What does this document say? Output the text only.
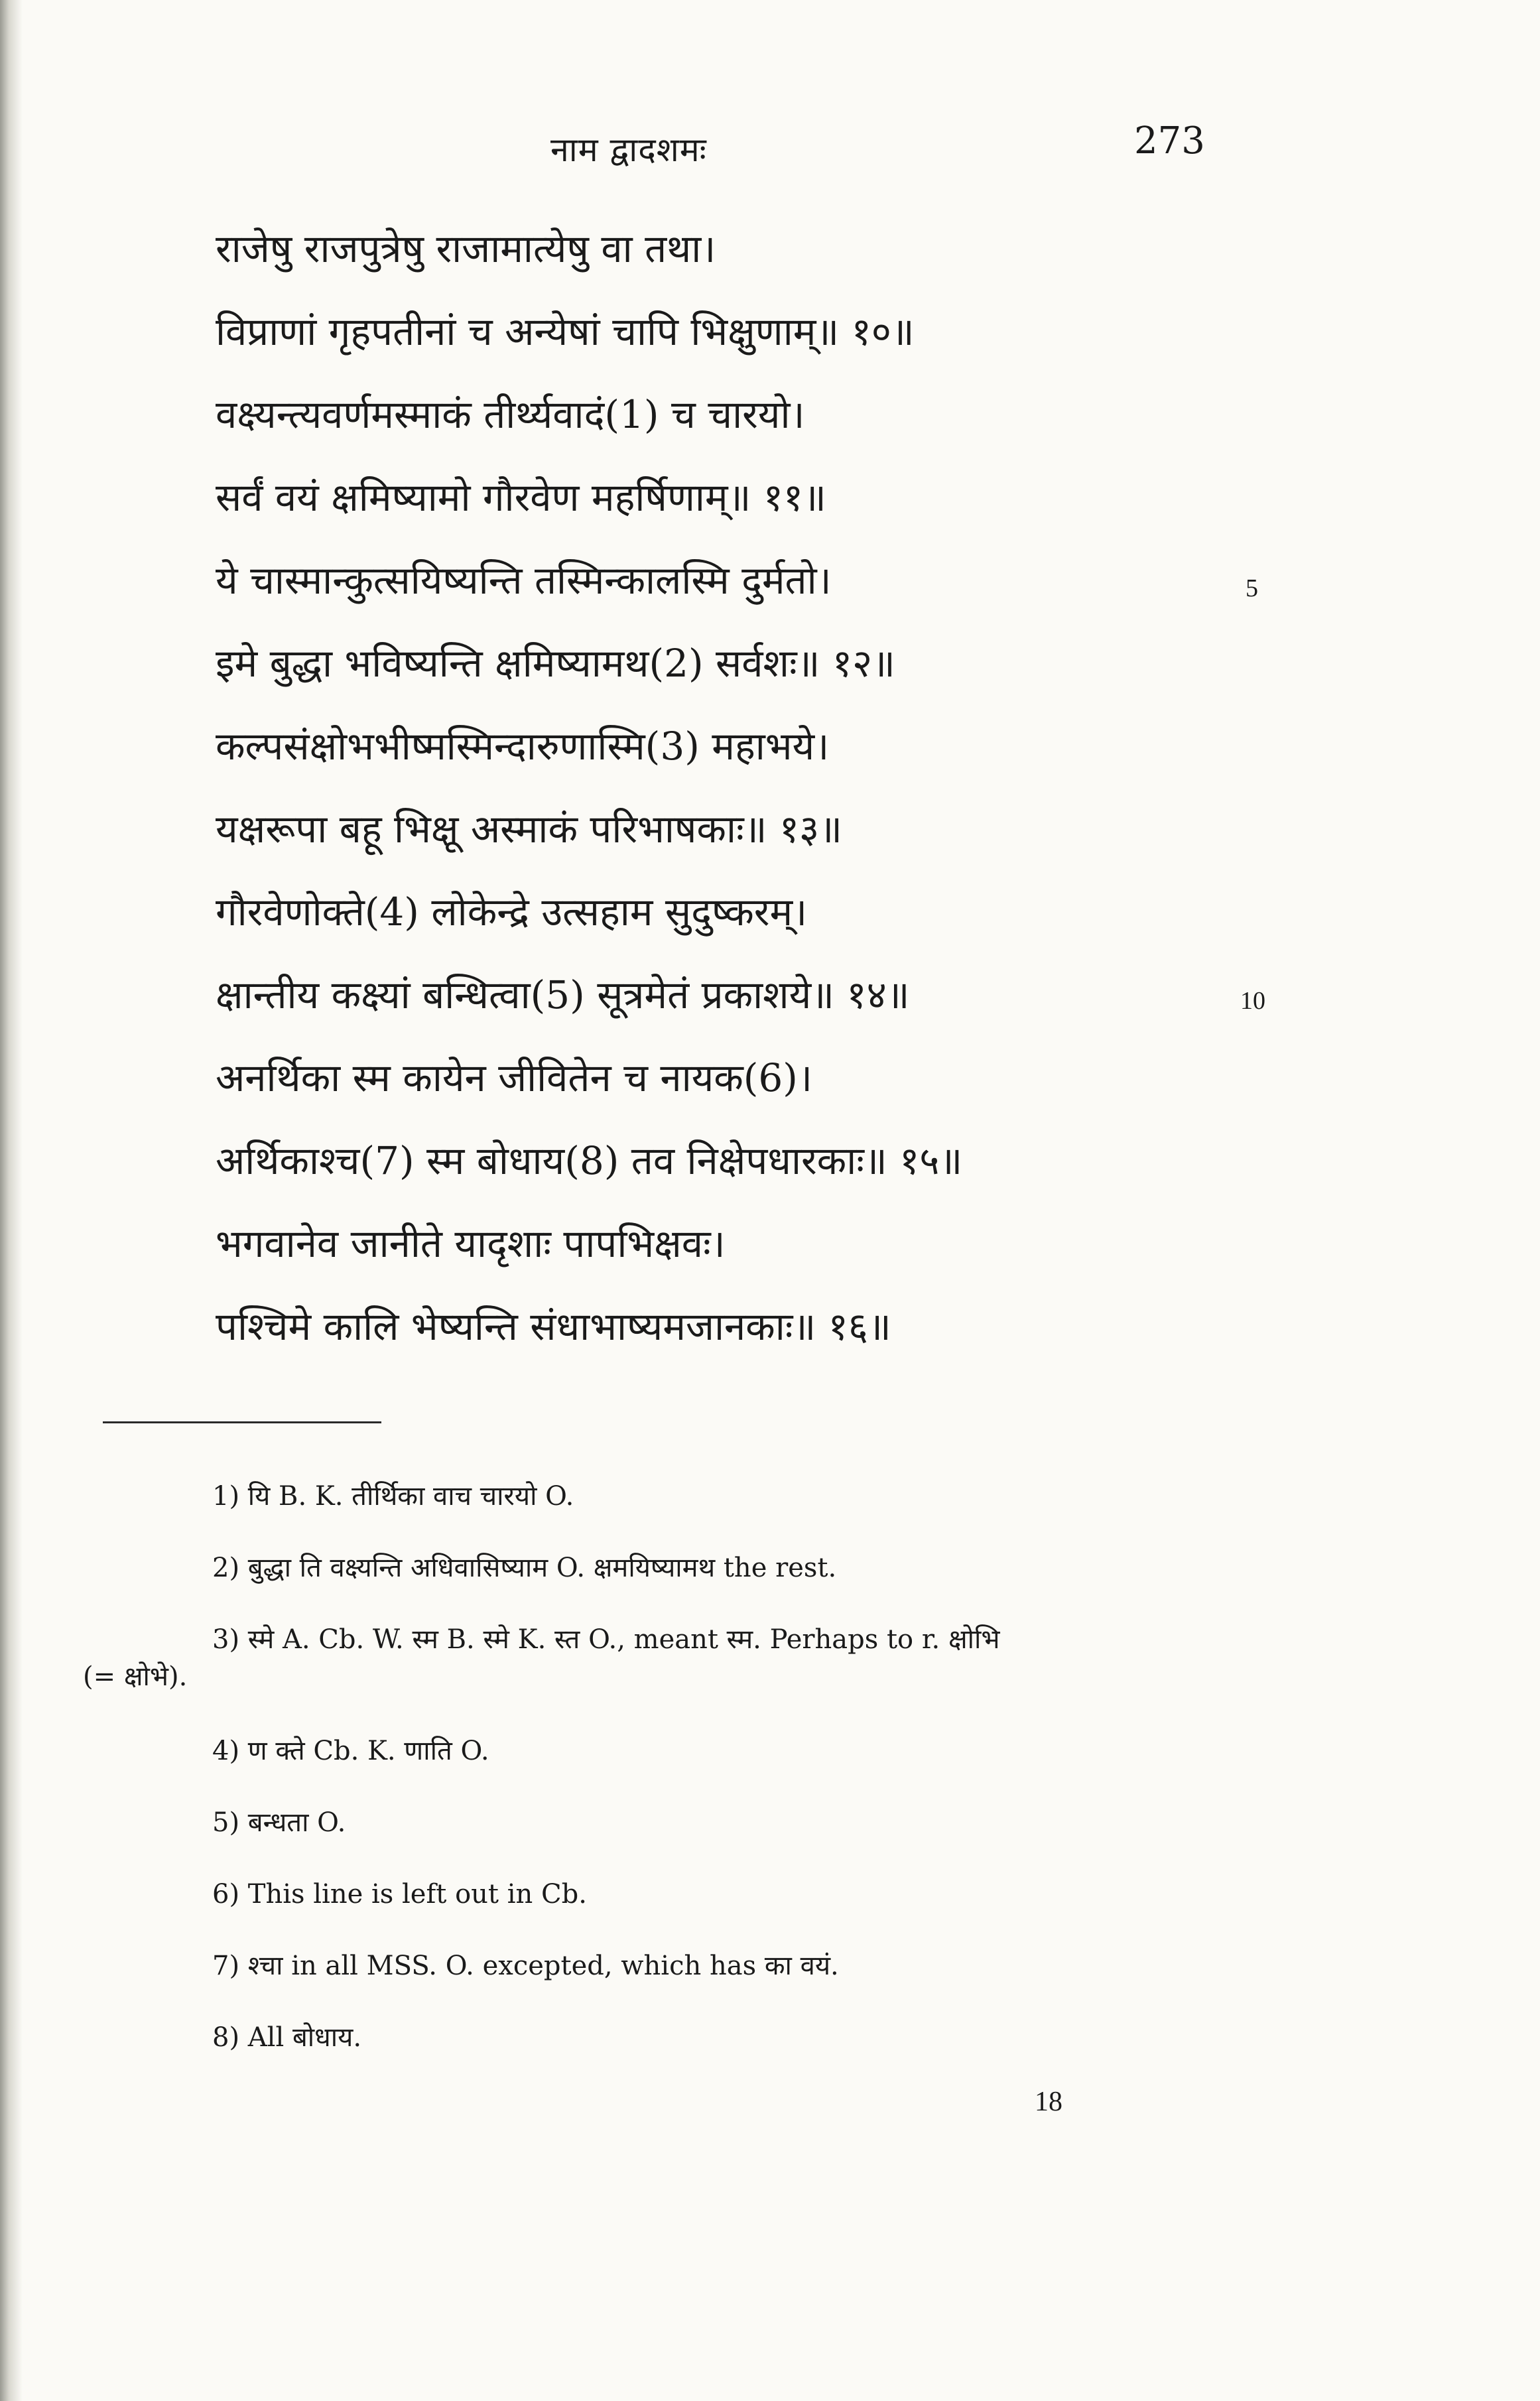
नाम द्वादशमः	273
राजेषु राजपुत्रेषु राजामात्येषु वा तथा।
विप्राणां गृहपतीनां च अन्येषां चापि भिक्षुणाम्॥ १०॥
वक्ष्यन्त्यवर्णमस्माकं तीर्थ्यवादं(1) च चारयो।
सर्वं वयं क्षमिष्यामो गौरवेण महर्षिणाम्॥ ११॥
ये चास्मान्कुत्सयिष्यन्ति तस्मिन्कालस्मि दुर्मतो।
इमे बुद्धा भविष्यन्ति क्षमिष्यामथ(2) सर्वशः॥ १२॥
कल्पसंक्षोभभीष्मस्मिन्दारुणास्मि(3) महाभये।
यक्षरूपा बहू भिक्षू अस्माकं परिभाषकाः॥ १३॥
गौरवेणोक्ते(4) लोकेन्द्रे उत्सहाम सुदुष्करम्।
क्षान्तीय कक्ष्यां बन्धित्वा(5) सूत्रमेतं प्रकाशये॥ १४॥
अनर्थिका स्म कायेन जीवितेन च नायक(6)।
अर्थिकाश्च(7) स्म बोधाय(8) तव निक्षेपधारकाः॥ १५॥
भगवानेव जानीते यादृशाः पापभिक्षवः।
पश्चिमे कालि भेष्यन्ति संधाभाष्यमजानकाः॥ १६॥
5
10
1) यि B. K. तीर्थिका वाच चारयो O.
2) बुद्धा ति वक्ष्यन्ति अधिवासिष्याम O. क्षमयिष्यामथ the rest.
3) स्मे A. Cb. W. स्म B. स्मे K. स्त O., meant स्म. Perhaps to r. क्षोभि
(= क्षोभे).
4) ण क्ते Cb. K. णाति O.
5) बन्धता O.
6) This line is left out in Cb.
7) श्चा in all MSS. O. excepted, which has का वयं.
8) All बोधाय.
18
